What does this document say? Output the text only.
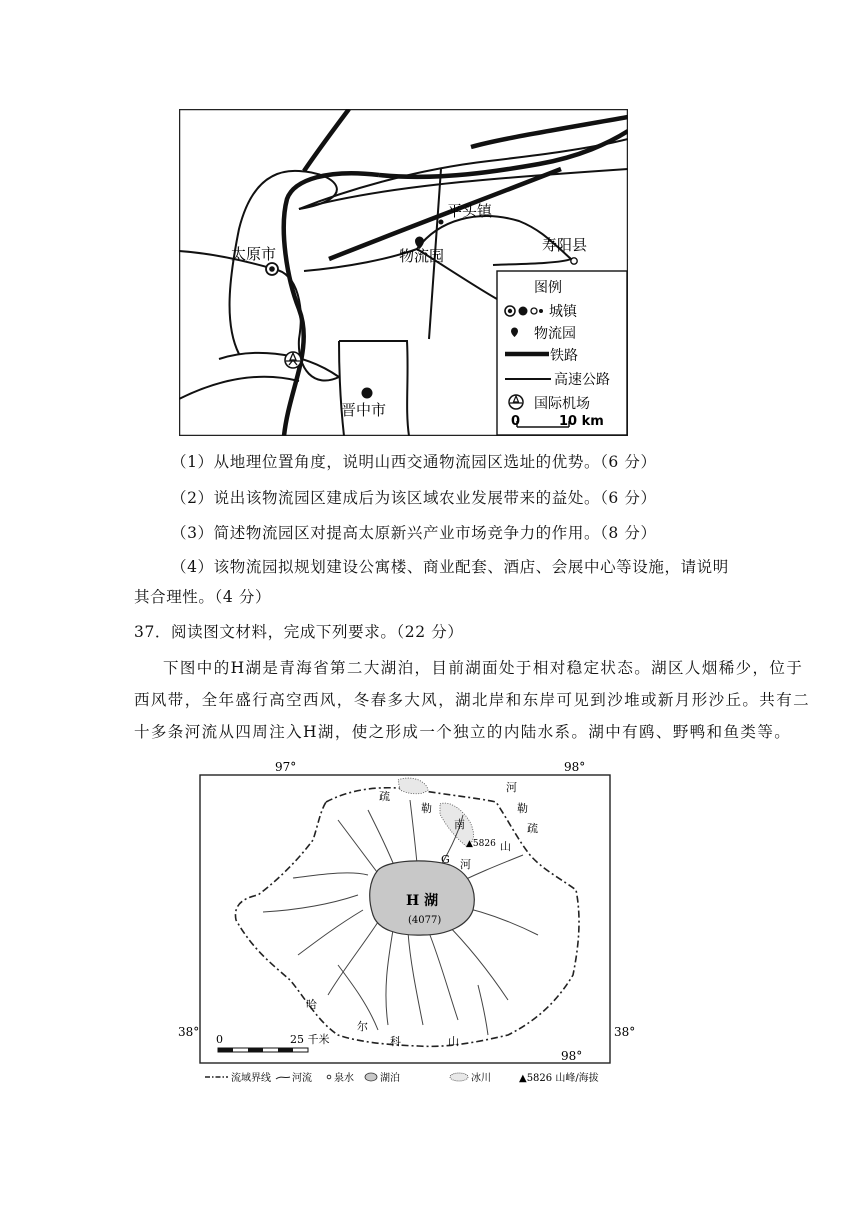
平头镇
物流园
寿阳县
太原市
晋中市
图例
城镇
物流园
铁路
高速公路
国际机场
0	10 km
（1）从地理位置角度，说明山西交通物流园区选址的优势。（6 分）
（2）说出该物流园区建成后为该区域农业发展带来的益处。（6 分）
（3）简述物流园区对提高太原新兴产业市场竞争力的作用。（8 分）
（4）该物流园拟规划建设公寓楼、商业配套、酒店、会展中心等设施，请说明
其合理性。（4 分）
37．阅读图文材料，完成下列要求。（22 分）
下图中的H湖是青海省第二大湖泊，目前湖面处于相对稳定状态。湖区人烟稀少，位于
西风带，全年盛行高空西风，冬春多大风，湖北岸和东岸可见到沙堆或新月形沙丘。共有二
十多条河流从四周注入H湖，使之形成一个独立的内陆水系。湖中有鸥、野鸭和鱼类等。
97°	98°
38°	38°
98°
H 湖
(4077)
▲5826
G 河
疏
勒
南
山
河
勒
疏
哈
尔
科	山
0	25 千米
流域界线 河流 泉水	湖泊	冰川	▲5826 山峰/海拔
